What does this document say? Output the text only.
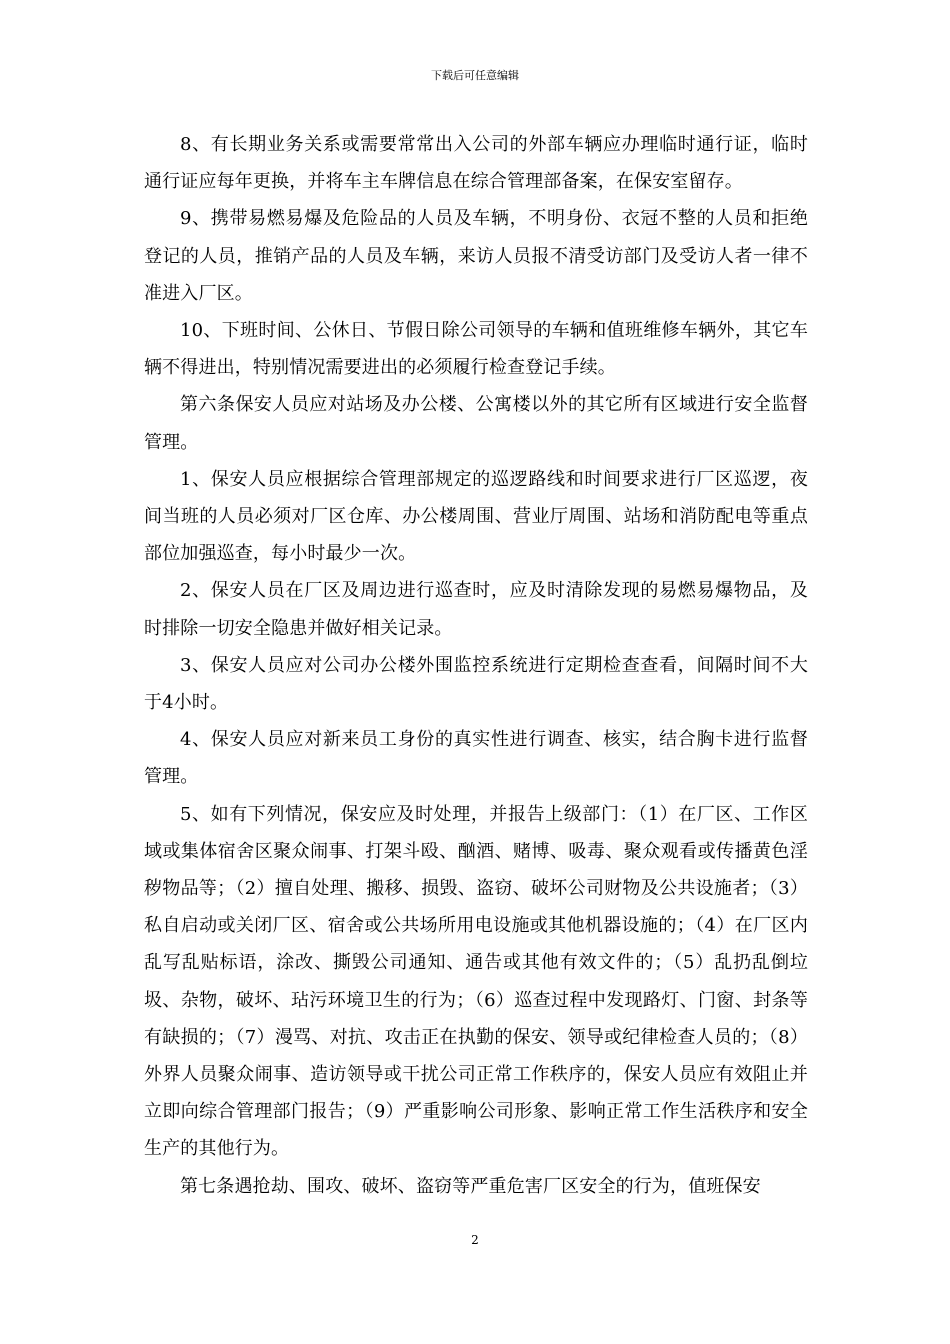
下载后可任意编辑

8、有长期业务关系或需要常常出入公司的外部车辆应办理临时通行证，临时通行证应每年更换，并将车主车牌信息在综合管理部备案，在保安室留存。

9、携带易燃易爆及危险品的人员及车辆，不明身份、衣冠不整的人员和拒绝登记的人员，推销产品的人员及车辆，来访人员报不清受访部门及受访人者一律不准进入厂区。

10、下班时间、公休日、节假日除公司领导的车辆和值班维修车辆外，其它车辆不得进出，特别情况需要进出的必须履行检查登记手续。

第六条保安人员应对站场及办公楼、公寓楼以外的其它所有区域进行安全监督管理。

1、保安人员应根据综合管理部规定的巡逻路线和时间要求进行厂区巡逻，夜间当班的人员必须对厂区仓库、办公楼周围、营业厅周围、站场和消防配电等重点部位加强巡查，每小时最少一次。

2、保安人员在厂区及周边进行巡查时，应及时清除发现的易燃易爆物品，及时排除一切安全隐患并做好相关记录。

3、保安人员应对公司办公楼外围监控系统进行定期检查查看，间隔时间不大于4小时。

4、保安人员应对新来员工身份的真实性进行调查、核实，结合胸卡进行监督管理。

5、如有下列情况，保安应及时处理，并报告上级部门：（1）在厂区、工作区域或集体宿舍区聚众闹事、打架斗殴、酗酒、赌博、吸毒、聚众观看或传播黄色淫秽物品等；（2）擅自处理、搬移、损毁、盗窃、破坏公司财物及公共设施者；（3）私自启动或关闭厂区、宿舍或公共场所用电设施或其他机器设施的；（4）在厂区内乱写乱贴标语，涂改、撕毁公司通知、通告或其他有效文件的；（5）乱扔乱倒垃圾、杂物，破坏、玷污环境卫生的行为；（6）巡查过程中发现路灯、门窗、封条等有缺损的；（7）漫骂、对抗、攻击正在执勤的保安、领导或纪律检查人员的；（8）外界人员聚众闹事、造访领导或干扰公司正常工作秩序的，保安人员应有效阻止并立即向综合管理部门报告；（9）严重影响公司形象、影响正常工作生活秩序和安全生产的其他行为。

第七条遇抢劫、围攻、破坏、盗窃等严重危害厂区安全的行为，值班保安

2
